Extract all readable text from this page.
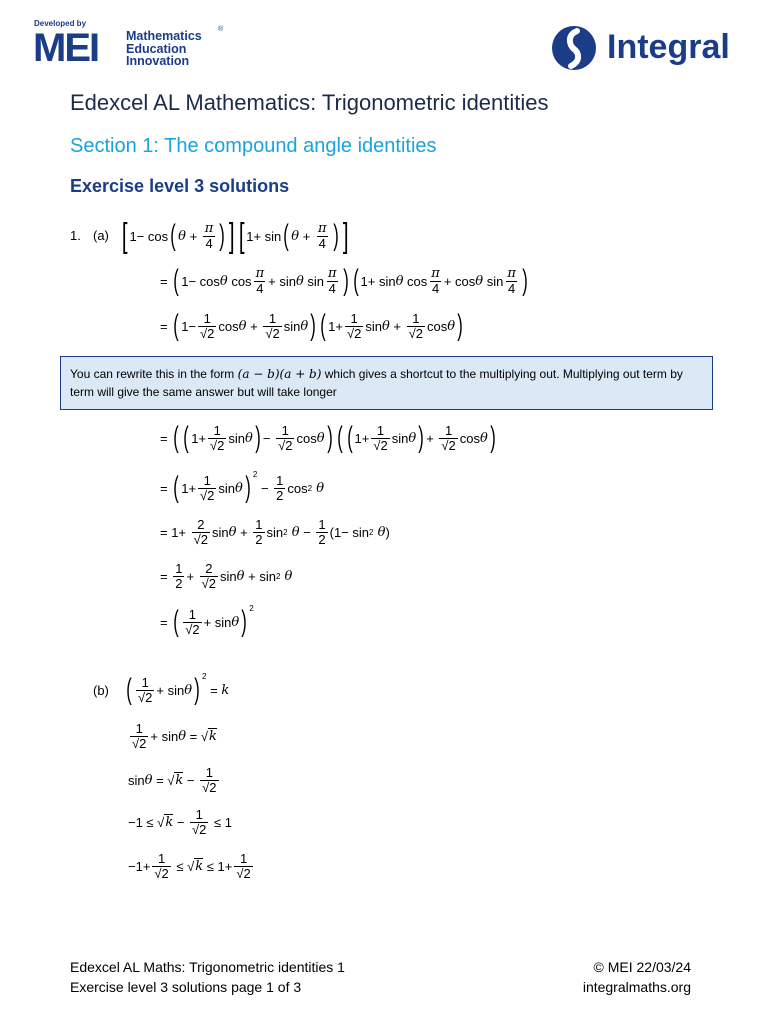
Developed by
MEI Mathematics
Education
Innovation
®	Integral
Edexcel AL Mathematics: Trigonometric identities
Section 1: The compound angle identities
Exercise level 3 solutions
1. (a) [ 1− cos ( $\theta + \frac{\pi}{4}$ ) ] [ 1+ sin ( $\theta + \frac{\pi}{4}$ ) ]
= ( 1− cos θ $\cos \frac{\pi}{4} + \sin \theta$ $\sin \frac{\pi}{4}$ ) ( 1+ sin θ $\cos \frac{\pi}{4} + \cos \theta$ $\sin \frac{\pi}{4}$ )
= ( $1- \frac{1}{√2}$ $\cos \theta + \frac{1}{√2}$ sin θ ) ( $1+ \frac{1}{√2}$ $\sin \theta + \frac{1}{√2}$ cos θ )
You can rewrite this in the form (a − b)(a + b) which gives a shortcut to the multiplying out. Multiplying out term by term will give the same answer but will take longer
= ( ( $1+ \frac{1}{√2}$ sin θ ) − $\frac{1}{√2}$ cos θ ) ( ( $1+ \frac{1}{√2}$ sin θ ) + $\frac{1}{√2}$ cos θ )
= ( $1+ \frac{1}{√2}$ sin θ ) 2
− $\frac{1}{2}$ cos 2 θ
= $1+ \frac{2}{√2}$ $\sin \theta + \frac{1}{2}$ sin 2 $\theta - \frac{1}{2} (1- \sin 2$ θ )
= $\frac{1}{2} + \frac{2}{√2}$ sin θ + sin 2 θ
= ( $\frac{1}{√2} + \sin \theta$ ) 2
(b) ( $\frac{1}{√2} + \sin \theta$ ) 2
= k
$\frac{1}{√2} + \sin \theta$ = √ k
sin θ = √ $k - \frac{1}{√2}$
−1 ≤ √ $k - \frac{1}{√2} \le 1$
$-1+ \frac{1}{√2}$ ≤ √ $k \le 1+ \frac{1}{√2}$
Edexcel AL Maths: Trigonometric identities 1
Exercise level 3 solutions page 1 of 3
© MEI 22/03/24
integralmaths.org
